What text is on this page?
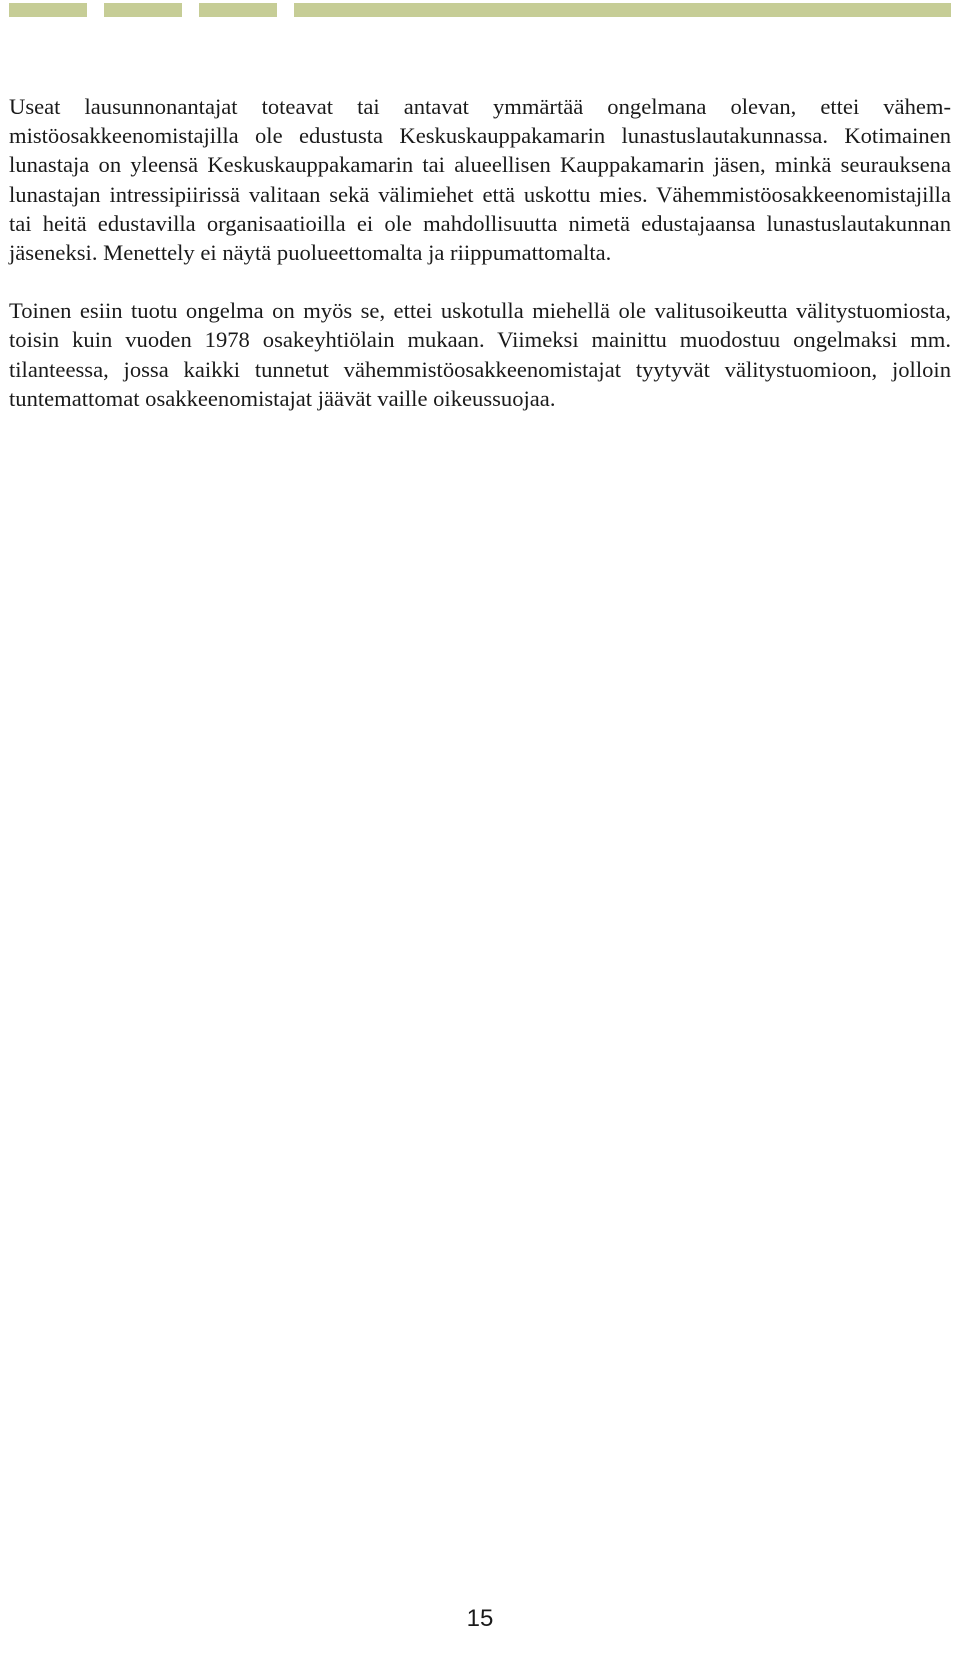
Useat lausunnonantajat toteavat tai antavat ymmärtää ongelmana olevan, ettei vähemmistöosakkeenomistajilla ole edustusta Keskuskauppakamarin lunastuslautakunnassa. Kotimainen lunastaja on yleensä Keskuskauppakamarin tai alueellisen Kauppakamarin jäsen, minkä seurauksena lunastajan intressipiirissä valitaan sekä välimiehet että uskottu mies. Vähemmistöosakkeenomistajilla tai heitä edustavilla organisaatioilla ei ole mahdollisuutta nimetä edustajaansa lunastuslautakunnan jäseneksi. Menettely ei näytä puolueettomalta ja riippumattomalta.

Toinen esiin tuotu ongelma on myös se, ettei uskotulla miehellä ole valitusoikeutta välitystuomiosta, toisin kuin vuoden 1978 osakeyhtiölain mukaan. Viimeksi mainittu muodostuu ongelmaksi mm. tilanteessa, jossa kaikki tunnetut vähemmistöosakkeenomistajat tyytyvät välitystuomioon, jolloin tuntemattomat osakkeenomistajat jäävät vaille oikeussuojaa.

15
